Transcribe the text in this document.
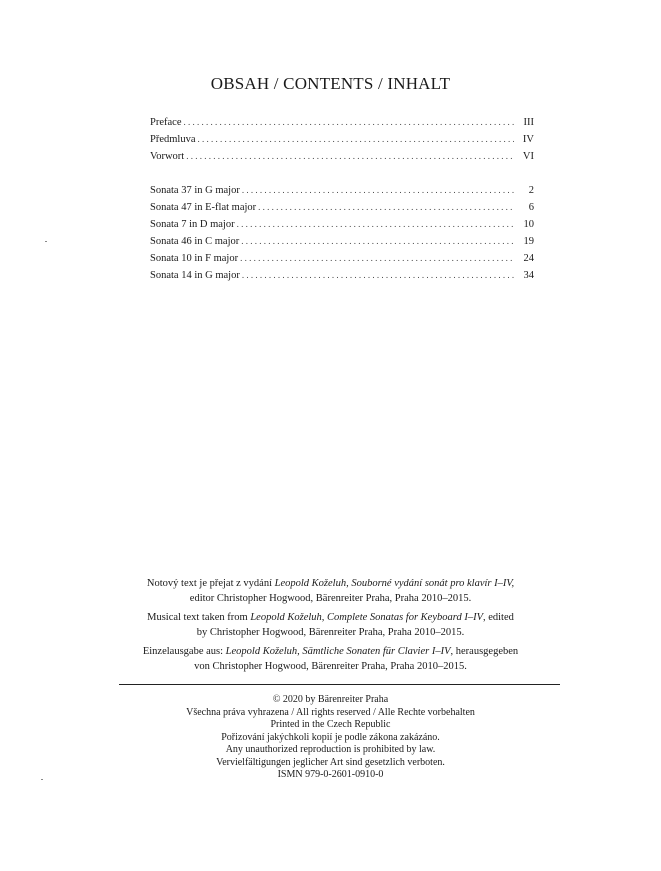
OBSAH / CONTENTS / INHALT
Preface . . .	III
Předmluva . . .	IV
Vorwort . . .	VI
Sonata 37 in G major . . .	2
Sonata 47 in E-flat major . . .	6
Sonata 7 in D major . . .	10
Sonata 46 in C major . . .	19
Sonata 10 in F major . . .	24
Sonata 14 in G major . . .	34
Notový text je přejat z vydání Leopold Koželuh, Souborné vydání sonát pro klavír I–IV,
editor Christopher Hogwood, Bärenreiter Praha, Praha 2010–2015.
Musical text taken from Leopold Koželuh, Complete Sonatas for Keyboard I–IV, edited
by Christopher Hogwood, Bärenreiter Praha, Praha 2010–2015.
Einzelausgabe aus: Leopold Koželuh, Sämtliche Sonaten für Clavier I–IV, herausgegeben
von Christopher Hogwood, Bärenreiter Praha, Praha 2010–2015.
© 2020 by Bärenreiter Praha
Všechna práva vyhrazena / All rights reserved / Alle Rechte vorbehalten
Printed in the Czech Republic
Pořizování jakýchkoli kopií je podle zákona zakázáno.
Any unauthorized reproduction is prohibited by law.
Vervielfältigungen jeglicher Art sind gesetzlich verboten.
ISMN 979-0-2601-0910-0
